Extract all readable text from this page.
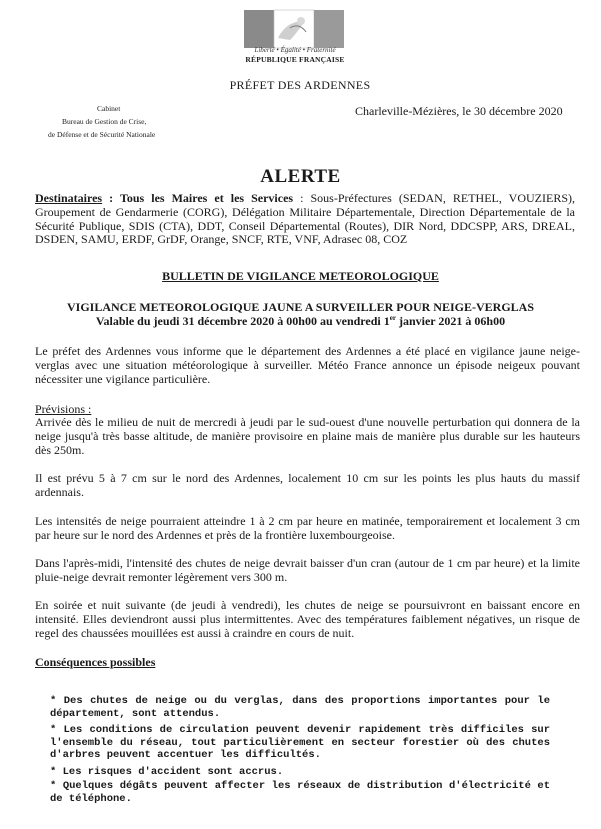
Liberté • Égalité • Fraternité
RÉPUBLIQUE FRANÇAISE
PRÉFET DES ARDENNES
Cabinet
Bureau de Gestion de Crise,
de Défense et de Sécurité Nationale
Charleville-Mézières, le 30 décembre 2020
ALERTE
Destinataires : Tous les Maires et les Services : Sous-Préfectures (SEDAN, RETHEL, VOUZIERS), Groupement de Gendarmerie (CORG), Délégation Militaire Départementale, Direction Départementale de la Sécurité Publique, SDIS (CTA), DDT, Conseil Départemental (Routes), DIR Nord, DDCSPP, ARS, DREAL, DSDEN, SAMU, ERDF, GrDF, Orange, SNCF, RTE, VNF, Adrasec 08, COZ
BULLETIN DE VIGILANCE METEOROLOGIQUE
VIGILANCE METEOROLOGIQUE JAUNE A SURVEILLER POUR NEIGE-VERGLAS
Valable du jeudi 31 décembre 2020 à 00h00 au vendredi 1er janvier 2021 à 06h00
Le préfet des Ardennes vous informe que le département des Ardennes a été placé en vigilance jaune neige-verglas avec une situation météorologique à surveiller. Météo France annonce un épisode neigeux pouvant nécessiter une vigilance particulière.
Prévisions :
Arrivée dès le milieu de nuit de mercredi à jeudi par le sud-ouest d'une nouvelle perturbation qui donnera de la neige jusqu'à très basse altitude, de manière provisoire en plaine mais de manière plus durable sur les hauteurs dès 250m.
Il est prévu 5 à 7 cm sur le nord des Ardennes, localement 10 cm sur les points les plus hauts du massif ardennais.
Les intensités de neige pourraient atteindre 1 à 2 cm par heure en matinée, temporairement et localement 3 cm par heure sur le nord des Ardennes et près de la frontière luxembourgeoise.
Dans l'après-midi, l'intensité des chutes de neige devrait baisser d'un cran (autour de 1 cm par heure) et la limite pluie-neige devrait remonter légèrement vers 300 m.
En soirée et nuit suivante (de jeudi à vendredi), les chutes de neige se poursuivront en baissant encore en intensité. Elles deviendront aussi plus intermittentes. Avec des températures faiblement négatives, un risque de regel des chaussées mouillées est aussi à craindre en cours de nuit.
Conséquences possibles
* Des chutes de neige ou du verglas, dans des proportions importantes pour le département, sont attendus.
* Les conditions de circulation peuvent devenir rapidement très difficiles sur l'ensemble du réseau, tout particulièrement en secteur forestier où des chutes d'arbres peuvent accentuer les difficultés.
* Les risques d'accident sont accrus.
* Quelques dégâts peuvent affecter les réseaux de distribution d'électricité et de téléphone.
